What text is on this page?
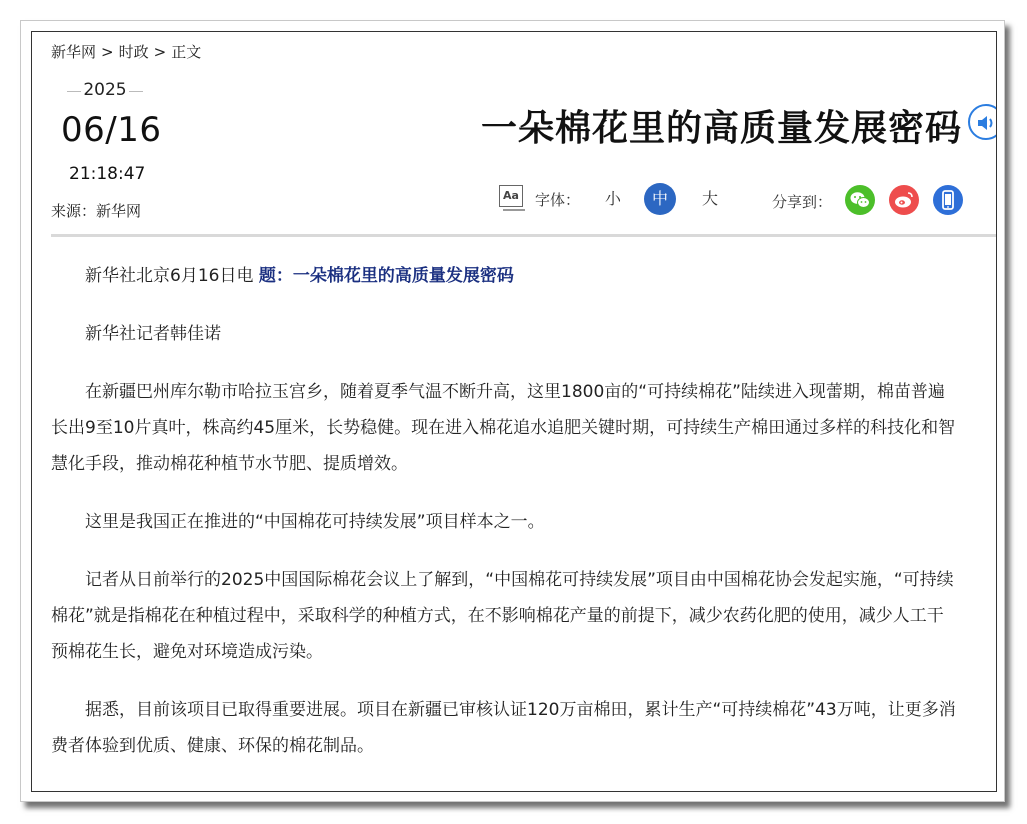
新华网 > 时政 > 正文
2025
06/16
21:18:47
来源：新华网
一朵棉花里的高质量发展密码
Aa 字体：	小	中	大	分享到：

新华社北京6月16日电 题：一朵棉花里的高质量发展密码

新华社记者韩佳诺

在新疆巴州库尔勒市哈拉玉宫乡，随着夏季气温不断升高，这里1800亩的“可持续棉花”陆续进入现蕾期，棉苗普遍长出9至10片真叶，株高约45厘米，长势稳健。现在进入棉花追水追肥关键时期，可持续生产棉田通过多样的科技化和智慧化手段，推动棉花种植节水节肥、提质增效。

这里是我国正在推进的“中国棉花可持续发展”项目样本之一。

记者从日前举行的2025中国国际棉花会议上了解到，“中国棉花可持续发展”项目由中国棉花协会发起实施，“可持续棉花”就是指棉花在种植过程中，采取科学的种植方式，在不影响棉花产量的前提下，减少农药化肥的使用，减少人工干预棉花生长，避免对环境造成污染。

据悉，目前该项目已取得重要进展。项目在新疆已审核认证120万亩棉田，累计生产“可持续棉花”43万吨，让更多消费者体验到优质、健康、环保的棉花制品。
